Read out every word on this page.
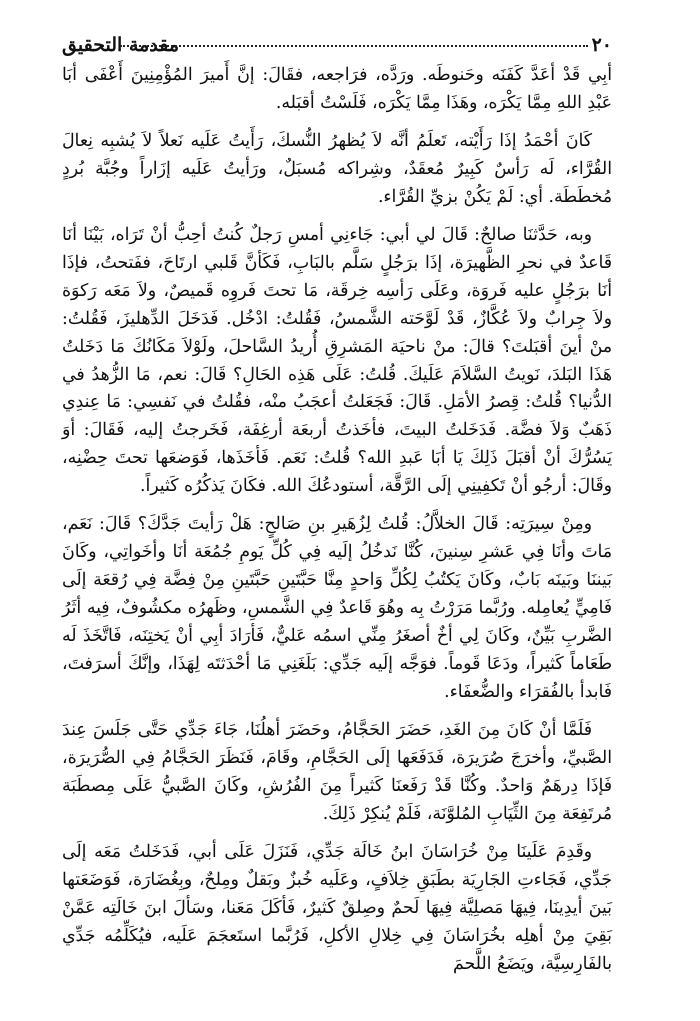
٢٠
مقدمة التحقيق

أبِي قَدْ أعَدَّ كَفَنَه وحَنوطَه. ورَدَّه، فرَاجعه، فقَالَ: إنَّ أَميرَ المُؤْمِنِينَ أَعْفَى أبَا عَبْدِ اللهِ مِمَّا يَكْرَه، وهَذَا مِمَّا يَكْرَه، فَلَسْتُ أقبَله.

كَانَ أحْمَدُ إذَا رَأَيْته، تَعلَمُ أنَّه لاَ يُظهرُ النُّسكَ، رَأَيتُ عَلَيه نَعلاً لاَ يُشبِه نِعالَ القُرَّاء، لَه رَأسٌ كَبِيرٌ مُعقَدٌ، وشِراكه مُسبَلٌ، ورَأيتُ عَلَيه إزَاراً وجُبَّة بُردٍ مُخطَطَة. أي: لَمْ يَكُنْ بزيِّ القُرَّاء.

وبه، حَدَّثنَا صالحٌ: قَالَ لي أبي: جَاءنِي أمسِ رَجلٌ كُنتُ أحِبُّ أنْ تَرَاه، بَيْنَا أنَا قَاعدٌ في نحرِ الظَّهيرَة، إذَا برَجُلٍ سَلَّم بالبَابِ، فَكَأنَّ قَلبي ارتَاحَ، ففَتحتُ، فإذَا أنَا برَجُلٍ عليه فَروَة، وعَلَى رَأسِه خِرقَة، مَا تحتَ فَروِه قَميصٌ، ولاَ مَعَه رَكوَة ولاَ جِرابٌ ولاَ عُكَّازٌ، قَدْ لَوَّحَته الشَّمسُ، فَقُلتُ: ادْخُل. فَدَخَلَ الدِّهليزَ، فَقُلتُ: منْ أينَ أقبَلتَ؟ قالَ: منْ ناحيَة المَشرِقِ أُريدُ السَّاحلَ، ولَوْلاَ مَكَانُكَ مَا دَخَلتُ هَذَا البَلدَ، نَويتُ السَّلاَمَ عَلَيكَ. قُلتُ: عَلَى هَذِه الحَالِ؟ قَالَ: نعم، مَا الزُّهدُ في الدُّنيا؟ قُلتُ: قِصرُ الأمَلِ. قَالَ: فَجَعَلتُ أعجَبُ منْه، فقُلتُ في نَفسِي: مَا عِندِي ذَهَبٌ وَلاَ فضَّة. فَدَخَلتُ البيتَ، فأخَذتُ أربعَة أرغِفَة، فَخَرجتُ إليه، فَقَالَ: أوَ يَسُرُّكَ أنْ أقبَلَ ذَلِكَ يَا أبَا عَبدِ الله؟ قُلتُ: نَعَم. فَأخَذَها، فَوَضعَها تحتَ حِضْنِه، وقَالَ: أرجُو أنْ تَكفِينِي إلَى الرَّقَّة، أستودعُكَ الله. فكَانَ يَذكُرُه كَثيراً.

ومِنْ سِيرَتِه: قَالَ الخلاَّلُ: قُلتُ لِزُهَيرِ بنِ صَالحٍ: هَلْ رَأيتَ جَدَّكَ؟ قَالَ: نَعَم، مَاتَ وأنَا فِي عَشرِ سِنينَ، كُنَّا نَدخُلُ إلَيه فِي كُلِّ يَومِ جُمُعَة أنَا وأخَواتِي، وكَانَ بَيننَا وبَينَه بَابٌ، وكَانَ يَكتُبُ لِكُلِّ وَاحدٍ مِنَّا حَبَّتَينِ حَبَّتَينِ مِنْ فِضَّة فِي رُقعَة إلَى فَامِيٍّ يُعامِله. ورُبَّما مَرَرْتُ بِه وهُوَ قَاعدٌ فِي الشَّمسِ، وظَهرُه مكشُوفٌ، فِيه أثَرُ الضَّربِ بَيِّنٌ، وكَانَ لِي أخٌ أصغَرُ مِنِّي اسمُه عَليٌّ، فَأرَادَ أبِي أنْ يَختِنَه، فَاتَّخَذَ لَه طَعَاماً كَثيراً، ودَعَا قَوماً. فوَجَّه إلَيه جَدِّي: بَلَغَنِي مَا أحْدَثتَه لِهَذَا، وإنَّكَ أسرَفتَ، فَابدأ بالفُقرَاء والضُّعفَاء.

فَلَمَّا أنْ كَانَ مِنَ الغَدِ، حَضَرَ الحَجَّامُ، وحَضَرَ أهلُنَا، جَاءَ جَدِّي حَتَّى جَلَسَ عِندَ الصَّبيِّ، وأخرَجَ صُرَيرَة، فَدَفَعَها إلَى الحَجَّامِ، وقَامَ، فَنَظَرَ الحَجَّامُ فِي الصُّرَيرَة، فَإذَا دِرهَمٌ وَاحدٌ. وكُنَّا قَدْ رَفَعنَا كَثيراً مِنَ الفُرُشِ، وكَانَ الصَّبيُّ عَلَى مِصطَبَة مُرتَفِعَة مِنَ الثِّيَابِ المُلوَّنَة، فَلَمْ يُنكِرْ ذَلِكَ.

وقَدِمَ عَلَينَا مِنْ خُرَاسَانَ ابنُ خَالَة جَدِّي، فَنَزَلَ عَلَى أبي، فَدَخَلتُ مَعَه إلَى جَدِّي، فَجَاءتِ الجَارِيَة بطَبَقِ خِلاَفٍ، وعَلَيه خُبزٌ وبَقلٌ ومِلحٌ، وبِغُضَارَة، فَوَضَعَتها بَينَ أيدِينَا، فِيهَا مَصلِيَّة فِيهَا لَحمٌ وصِلقٌ كَثيرٌ، فَأكَلَ مَعَنا، وسَألَ ابنَ خَالَتِه عَمَّنْ بَقِيَ مِنْ أهلِه بخُرَاسَانَ فِي خِلالِ الأكلِ، فَرُبَّما استَعجَمَ عَلَيه، فيُكَلِّمُه جَدِّي بالفَارِسِيَّة، ويَضَعُ اللَّحمَ
